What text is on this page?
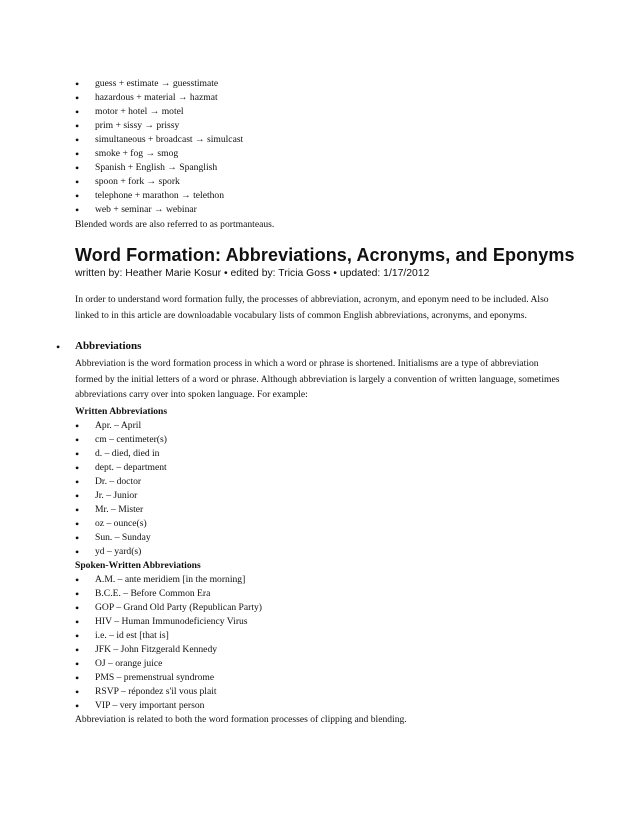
• guess + estimate → guesstimate
• hazardous + material → hazmat
• motor + hotel → motel
• prim + sissy → prissy
• simultaneous + broadcast → simulcast
• smoke + fog → smog
• Spanish + English → Spanglish
• spoon + fork → spork
• telephone + marathon → telethon
• web + seminar → webinar
Blended words are also referred to as portmanteaus.
Word Formation: Abbreviations, Acronyms, and Eponyms
written by: Heather Marie Kosur • edited by: Tricia Goss • updated: 1/17/2012
In order to understand word formation fully, the processes of abbreviation, acronym, and eponym need to be included. Also linked to in this article are downloadable vocabulary lists of common English abbreviations, acronyms, and eponyms.
• Abbreviations
Abbreviation is the word formation process in which a word or phrase is shortened. Initialisms are a type of abbreviation formed by the initial letters of a word or phrase. Although abbreviation is largely a convention of written language, sometimes abbreviations carry over into spoken language. For example:
Written Abbreviations
• Apr. – April
• cm – centimeter(s)
• d. – died, died in
• dept. – department
• Dr. – doctor
• Jr. – Junior
• Mr. – Mister
• oz – ounce(s)
• Sun. – Sunday
• yd – yard(s)
Spoken-Written Abbreviations
• A.M. – ante meridiem [in the morning]
• B.C.E. – Before Common Era
• GOP – Grand Old Party (Republican Party)
• HIV – Human Immunodeficiency Virus
• i.e. – id est [that is]
• JFK – John Fitzgerald Kennedy
• OJ – orange juice
• PMS – premenstrual syndrome
• RSVP – répondez s'il vous plait
• VIP – very important person
Abbreviation is related to both the word formation processes of clipping and blending.
